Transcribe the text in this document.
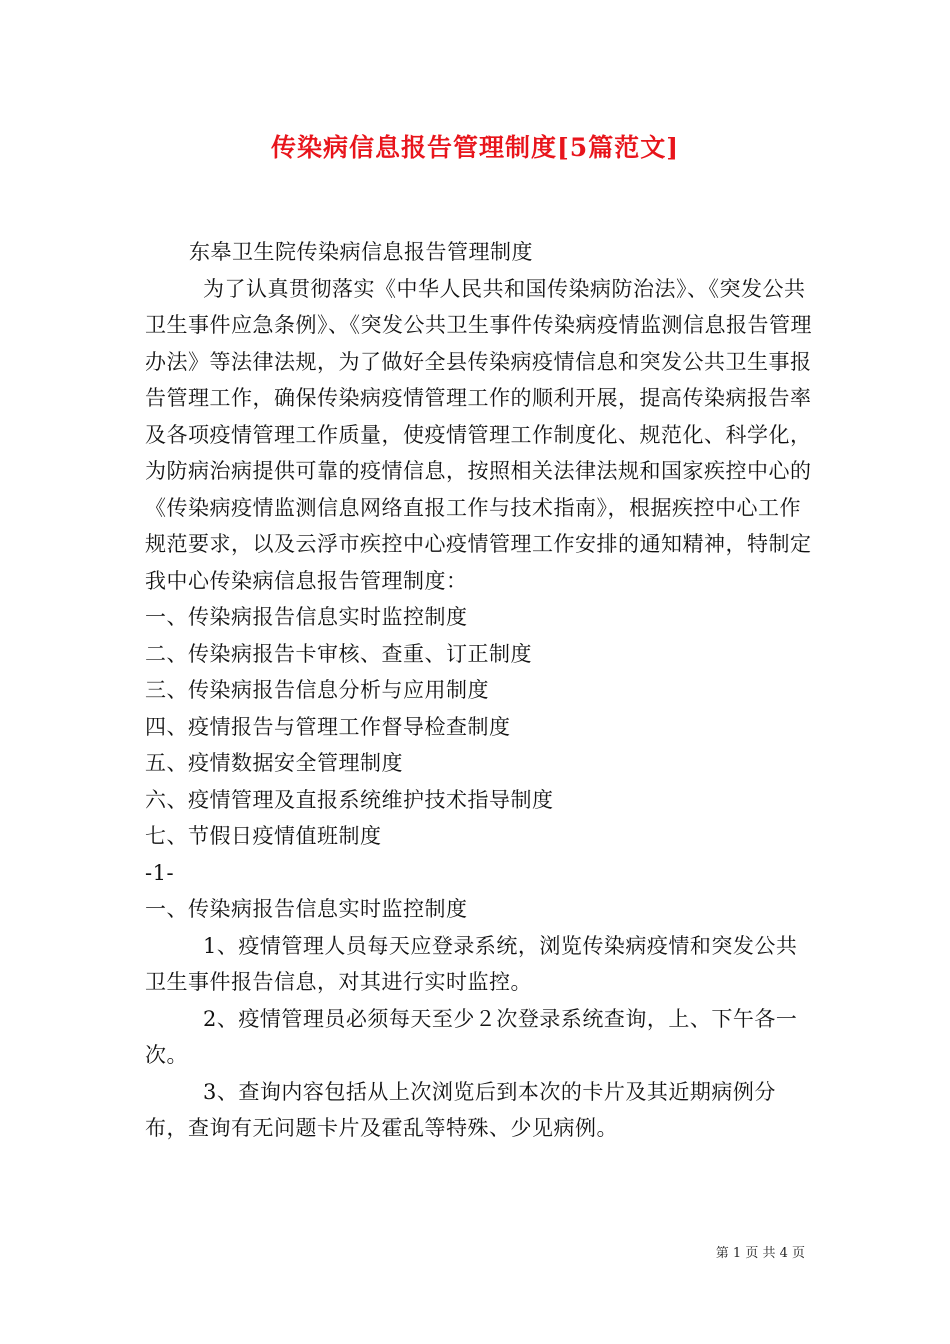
传染病信息报告管理制度[5篇范文]

东皋卫生院传染病信息报告管理制度

为了认真贯彻落实《中华人民共和国传染病防治法》、《突发公共卫生事件应急条例》、《突发公共卫生事件传染病疫情监测信息报告管理办法》等法律法规，为了做好全县传染病疫情信息和突发公共卫生事报告管理工作，确保传染病疫情管理工作的顺利开展，提高传染病报告率及各项疫情管理工作质量，使疫情管理工作制度化、规范化、科学化，为防病治病提供可靠的疫情信息，按照相关法律法规和国家疾控中心的《传染病疫情监测信息网络直报工作与技术指南》，根据疾控中心工作规范要求，以及云浮市疾控中心疫情管理工作安排的通知精神，特制定我中心传染病信息报告管理制度：

一、传染病报告信息实时监控制度

二、传染病报告卡审核、查重、订正制度

三、传染病报告信息分析与应用制度

四、疫情报告与管理工作督导检查制度

五、疫情数据安全管理制度

六、疫情管理及直报系统维护技术指导制度

七、节假日疫情值班制度

-1-

一、传染病报告信息实时监控制度

1、疫情管理人员每天应登录系统，浏览传染病疫情和突发公共卫生事件报告信息，对其进行实时监控。

2、疫情管理员必须每天至少２次登录系统查询，上、下午各一次。

3、查询内容包括从上次浏览后到本次的卡片及其近期病例分布，查询有无问题卡片及霍乱等特殊、少见病例。

第 1 页 共 4 页
